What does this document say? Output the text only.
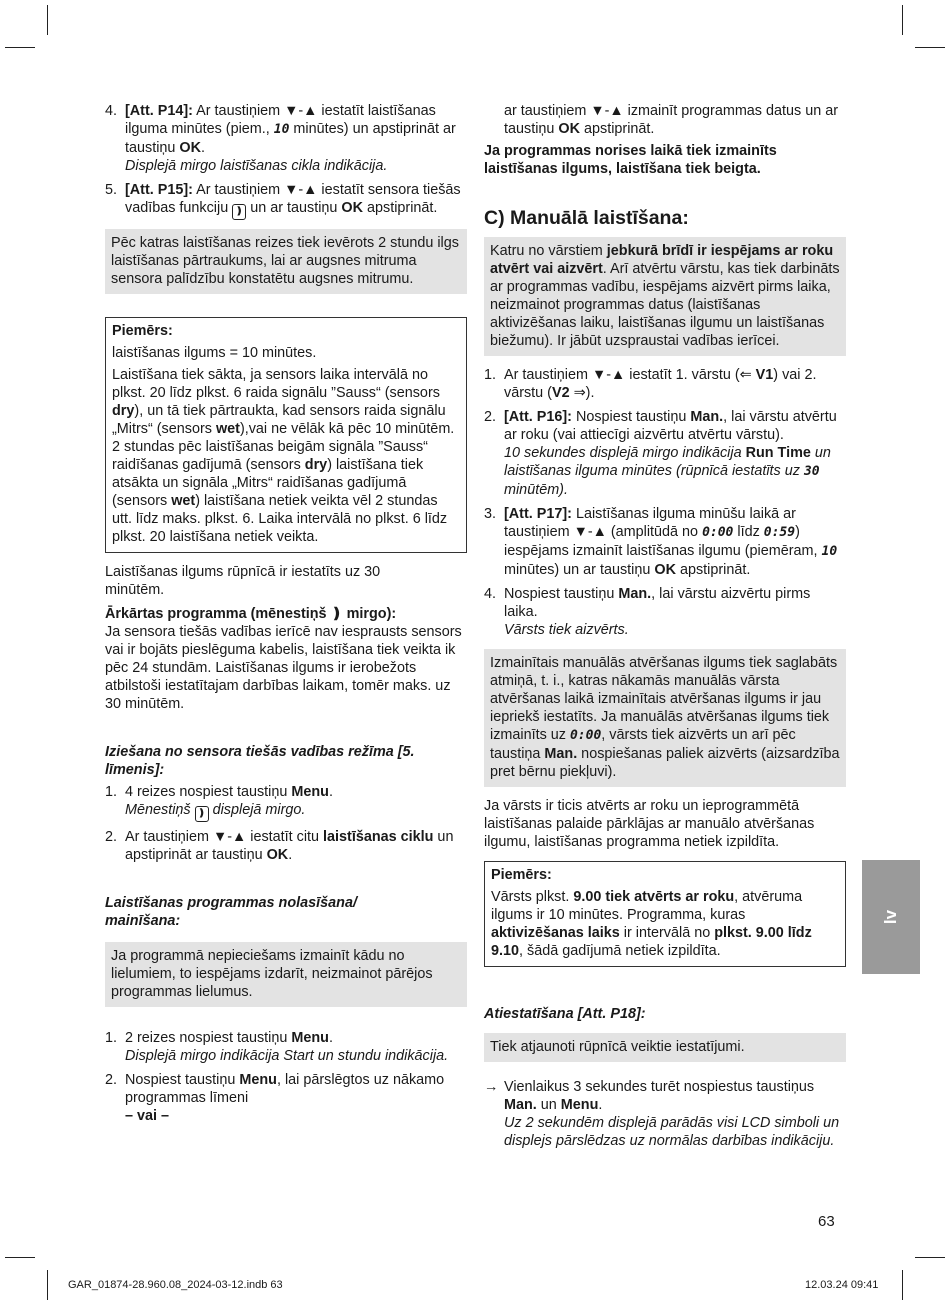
4. [Att. P14]: Ar taustiņiem ▼-▲ iestatīt laistīšanas ilguma minūtes (piem., 10 minūtes) un apstiprināt ar taustiņu OK.
Displejā mirgo laistīšanas cikla indikācija.
5. [Att. P15]: Ar taustiņiem ▼-▲ iestatīt sensora tiešās vadības funkciju ❫ un ar taustiņu OK apstiprināt.

Pēc katras laistīšanas reizes tiek ievērots 2 stundu ilgs laistīšanas pārtraukums, lai ar augsnes mitruma sensora palīdzību konstatētu augsnes mitrumu.

Piemērs:

laistīšanas ilgums = 10 minūtes.

Laistīšana tiek sākta, ja sensors laika intervālā no plkst. 20 līdz plkst. 6 raida signālu ”Sauss“ (sensors dry), un tā tiek pārtraukta, kad sensors raida signālu „Mitrs“ (sensors wet),vai ne vēlāk kā pēc 10 minūtēm. 2 stundas pēc laistīšanas beigām signāla ”Sauss“ raidīšanas gadījumā (sensors dry) laistīšana tiek atsākta un signāla „Mitrs“ raidīšanas gadījumā (sensors wet) laistīšana netiek veikta vēl 2 stundas utt. līdz maks. plkst. 6. Laika intervālā no plkst. 6 līdz plkst. 20 laistīšana netiek veikta.

Laistīšanas ilgums rūpnīcā ir iestatīts uz 30 minūtēm.

Ārkārtas programma (mēnestiņš ❫ mirgo):

Ja sensora tiešās vadības ierīcē nav iesprausts sensors vai ir bojāts pieslēguma kabelis, laistīšana tiek veikta ik pēc 24 stundām. Laistīšanas ilgums ir ierobežots atbilstoši iestatītajam darbības laikam, tomēr maks. uz 30 minūtēm.

Iziešana no sensora tiešās vadības režīma [5. līmenis]:
1. 4 reizes nospiest taustiņu Menu.
Mēnestiņš ❫ displejā mirgo.
2. Ar taustiņiem ▼-▲ iestatīt citu laistīšanas ciklu un apstiprināt ar taustiņu OK.
Laistīšanas programmas nolasīšana/ mainīšana:

Ja programmā nepieciešams izmainīt kādu no lielumiem, to iespējams izdarīt, neizmainot pārējos programmas lielumus.

1. 2 reizes nospiest taustiņu Menu.
Displejā mirgo indikācija Start un stundu indikācija.
2. Nospiest taustiņu Menu, lai pārslēgtos uz nākamo programmas līmeni
– vai –

ar taustiņiem ▼-▲ izmainīt programmas datus un ar taustiņu OK apstiprināt.

Ja programmas norises laikā tiek izmainīts laistīšanas ilgums, laistīšana tiek beigta.

C) Manuālā laistīšana:

Katru no vārstiem jebkurā brīdī ir iespējams ar roku atvērt vai aizvērt. Arī atvērtu vārstu, kas tiek darbināts ar programmas vadību, iespējams aizvērt pirms laika, neizmainot programmas datus (laistīšanas aktivizēšanas laiku, laistīšanas ilgumu un laistīšanas biežumu). Ir jābūt uzspraustai vadības ierīcei.

1. Ar taustiņiem ▼-▲ iestatīt 1. vārstu (⇐ V1) vai 2. vārstu (V2 ⇒).
2. [Att. P16]: Nospiest taustiņu Man., lai vārstu atvērtu ar roku (vai attiecīgi aizvērtu atvērtu vārstu).
10 sekundes displejā mirgo indikācija Run Time un laistīšanas ilguma minūtes (rūpnīcā iestatīts uz 30 minūtēm).
3. [Att. P17]: Laistīšanas ilguma minūšu laikā ar taustiņiem ▼-▲ (amplitūdā no 0:00 līdz 0:59) iespējams izmainīt laistīšanas ilgumu (piemēram, 10 minūtes) un ar taustiņu OK apstiprināt.
4. Nospiest taustiņu Man., lai vārstu aizvērtu pirms laika.
Vārsts tiek aizvērts.

Izmainītais manuālās atvēršanas ilgums tiek saglabāts atmiņā, t. i., katras nākamās manuālās vārsta atvēršanas laikā izmainītais atvēršanas ilgums ir jau iepriekš iestatīts. Ja manuālās atvēršanas ilgums tiek izmainīts uz 0:00, vārsts tiek aizvērts un arī pēc taustiņa Man. nospiešanas paliek aizvērts (aizsardzība pret bērnu piekļuvi).

Ja vārsts ir ticis atvērts ar roku un ieprogrammētā laistīšanas palaide pārklājas ar manuālo atvēršanas ilgumu, laistīšanas programma netiek izpildīta.

Piemērs:

Vārsts plkst. 9.00 tiek atvērts ar roku, atvēruma ilgums ir 10 minūtes. Programma, kuras aktivizēšanas laiks ir intervālā no plkst. 9.00 līdz 9.10, šādā gadījumā netiek izpildīta.

Atiestatīšana [Att. P18]:

Tiek atjaunoti rūpnīcā veiktie iestatījumi.

→ Vienlaikus 3 sekundes turēt nospiestus taustiņus Man. un Menu.
Uz 2 sekundēm displejā parādās visi LCD simboli un displejs pārslēdzas uz normālas darbības indikāciju.
lv
63
GAR_01874-28.960.08_2024-03-12.indb 63	12.03.24 09:41
